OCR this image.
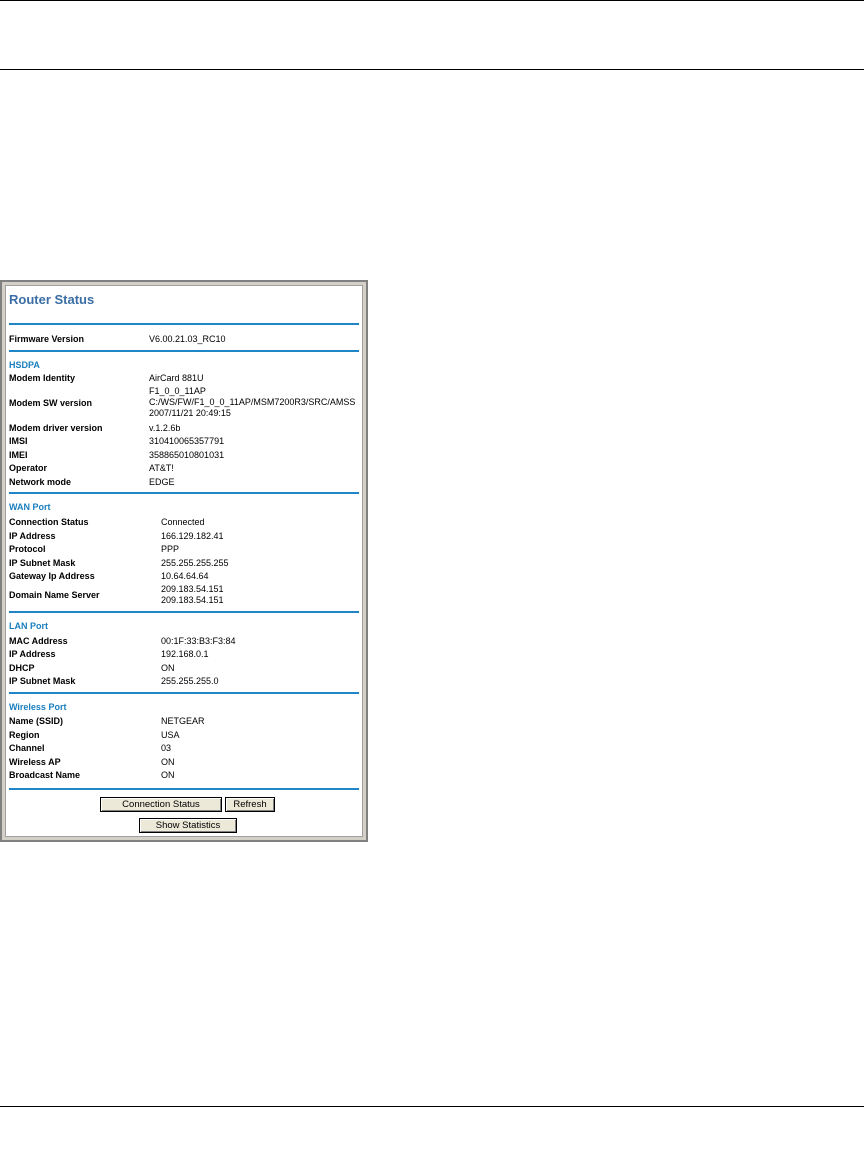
Router Status
Firmware Version	V6.00.21.03_RC10
HSDPA
Modem Identity	AirCard 881U
Modem SW version
F1_0_0_11AP
C:/WS/FW/F1_0_0_11AP/MSM7200R3/SRC/AMSS
2007/11/21 20:49:15
Modem driver version	v.1.2.6b
IMSI	310410065357791
IMEI	358865010801031
Operator	AT&T!
Network mode	EDGE
WAN Port
Connection Status	Connected
IP Address	166.129.182.41
Protocol	PPP
IP Subnet Mask	255.255.255.255
Gateway Ip Address	10.64.64.64
Domain Name Server
209.183.54.151
209.183.54.151
LAN Port
MAC Address	00:1F:33:B3:F3:84
IP Address	192.168.0.1
DHCP	ON
IP Subnet Mask	255.255.255.0
Wireless Port
Name (SSID)	NETGEAR
Region	USA
Channel	03
Wireless AP	ON
Broadcast Name	ON
Connection Status	Refresh
Show Statistics
